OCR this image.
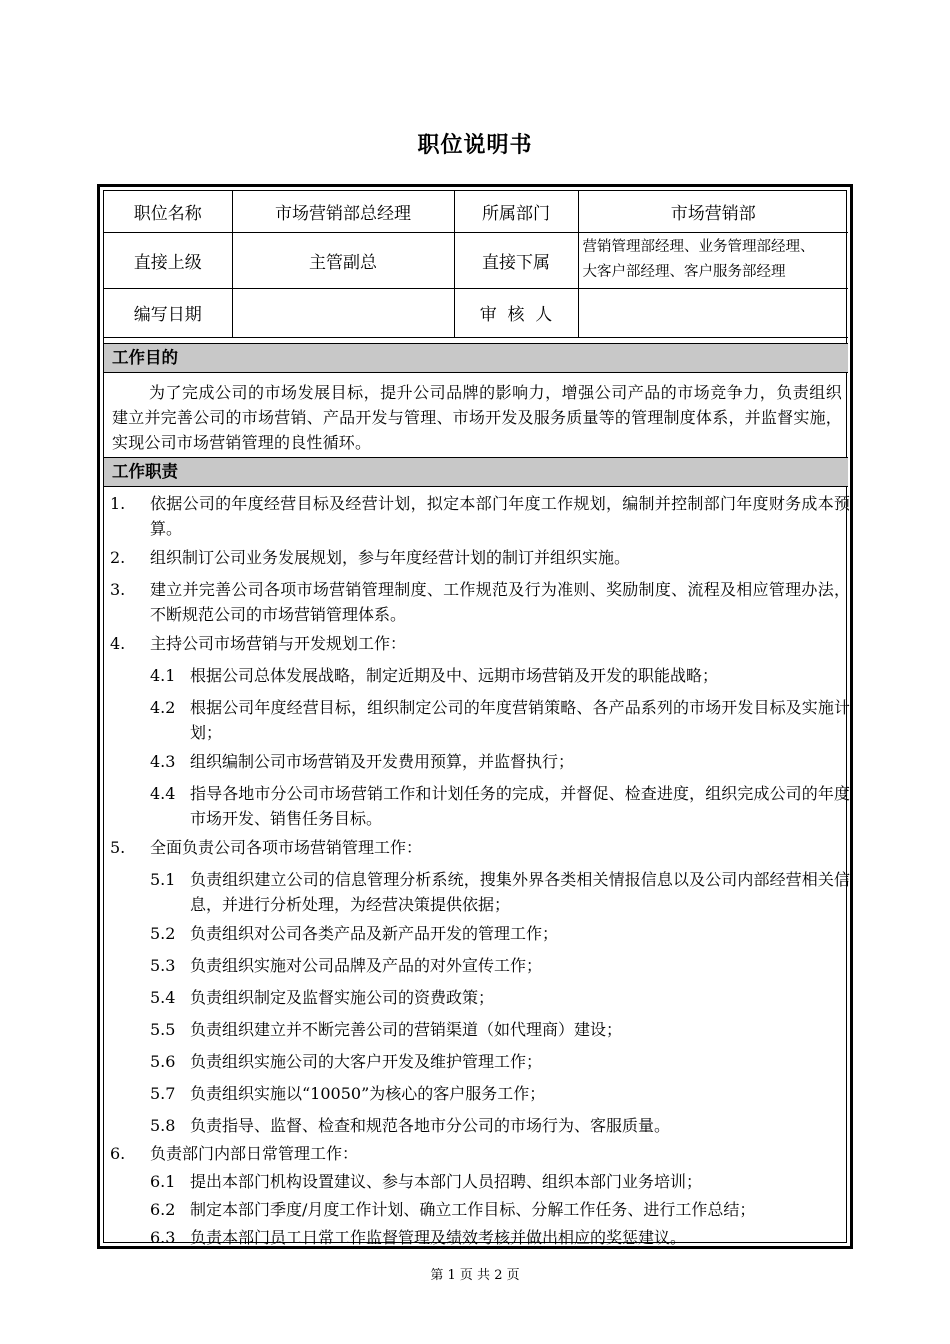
职位说明书
职位名称	市场营销部总经理	所属部门	市场营销部
直接上级	主管副总	直接下属	营销管理部经理、业务管理部经理、
大客户部经理、客户服务部经理

编写日期		审  核  人	
工作目的
为了完成公司的市场发展目标，提升公司品牌的影响力，增强公司产品的市场竞争力，负责组织建立并完善公司的市场营销、产品开发与管理、市场开发及服务质量等的管理制度体系，并监督实施，实现公司市场营销管理的良性循环。
工作职责
1. 依据公司的年度经营目标及经营计划，拟定本部门年度工作规划，编制并控制部门年度财务成本预算。
2. 组织制订公司业务发展规划，参与年度经营计划的制订并组织实施。
3. 建立并完善公司各项市场营销管理制度、工作规范及行为准则、奖励制度、流程及相应管理办法，不断规范公司的市场营销管理体系。
4. 主持公司市场营销与开发规划工作：
4.1 根据公司总体发展战略，制定近期及中、远期市场营销及开发的职能战略；
4.2 根据公司年度经营目标，组织制定公司的年度营销策略、各产品系列的市场开发目标及实施计划；
4.3 组织编制公司市场营销及开发费用预算，并监督执行；
4.4 指导各地市分公司市场营销工作和计划任务的完成，并督促、检查进度，组织完成公司的年度市场开发、销售任务目标。
5. 全面负责公司各项市场营销管理工作：
5.1 负责组织建立公司的信息管理分析系统，搜集外界各类相关情报信息以及公司内部经营相关信息，并进行分析处理，为经营决策提供依据；
5.2 负责组织对公司各类产品及新产品开发的管理工作；
5.3 负责组织实施对公司品牌及产品的对外宣传工作；
5.4 负责组织制定及监督实施公司的资费政策；
5.5 负责组织建立并不断完善公司的营销渠道（如代理商）建设；
5.6 负责组织实施公司的大客户开发及维护管理工作；
5.7 负责组织实施以“10050”为核心的客户服务工作；
5.8 负责指导、监督、检查和规范各地市分公司的市场行为、客服质量。
6. 负责部门内部日常管理工作：
6.1 提出本部门机构设置建议、参与本部门人员招聘、组织本部门业务培训；
6.2 制定本部门季度/月度工作计划、确立工作目标、分解工作任务、进行工作总结；
6.3 负责本部门员工日常工作监督管理及绩效考核并做出相应的奖惩建议。
第 1 页 共 2 页
